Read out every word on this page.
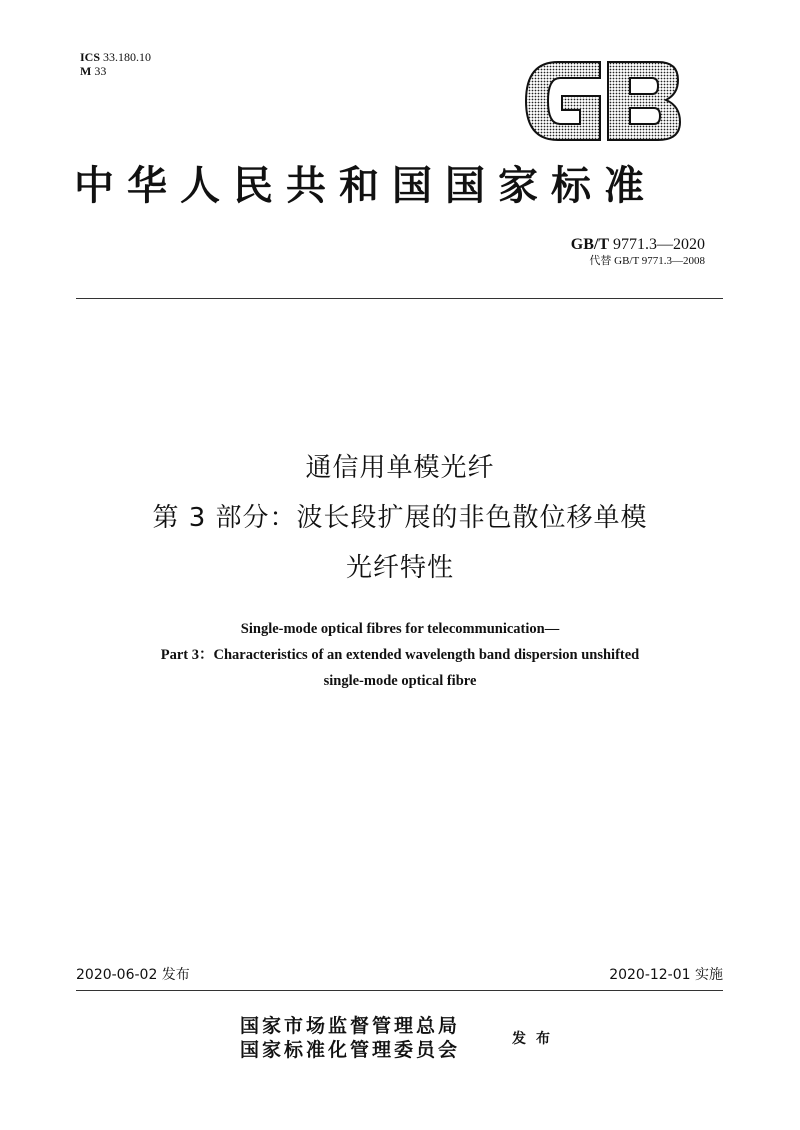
ICS 33.180.10
M 33
GB
中华人民共和国国家标准
GB/T 9771.3—2020
代替 GB/T 9771.3—2008
通信用单模光纤
第 3 部分：波长段扩展的非色散位移单模
光纤特性
Single-mode optical fibres for telecommunication—
Part 3：Characteristics of an extended wavelength band dispersion unshifted
single-mode optical fibre
2020-06-02 发布	2020-12-01 实施
国家市场监督管理总局
国家标准化管理委员会	发布
